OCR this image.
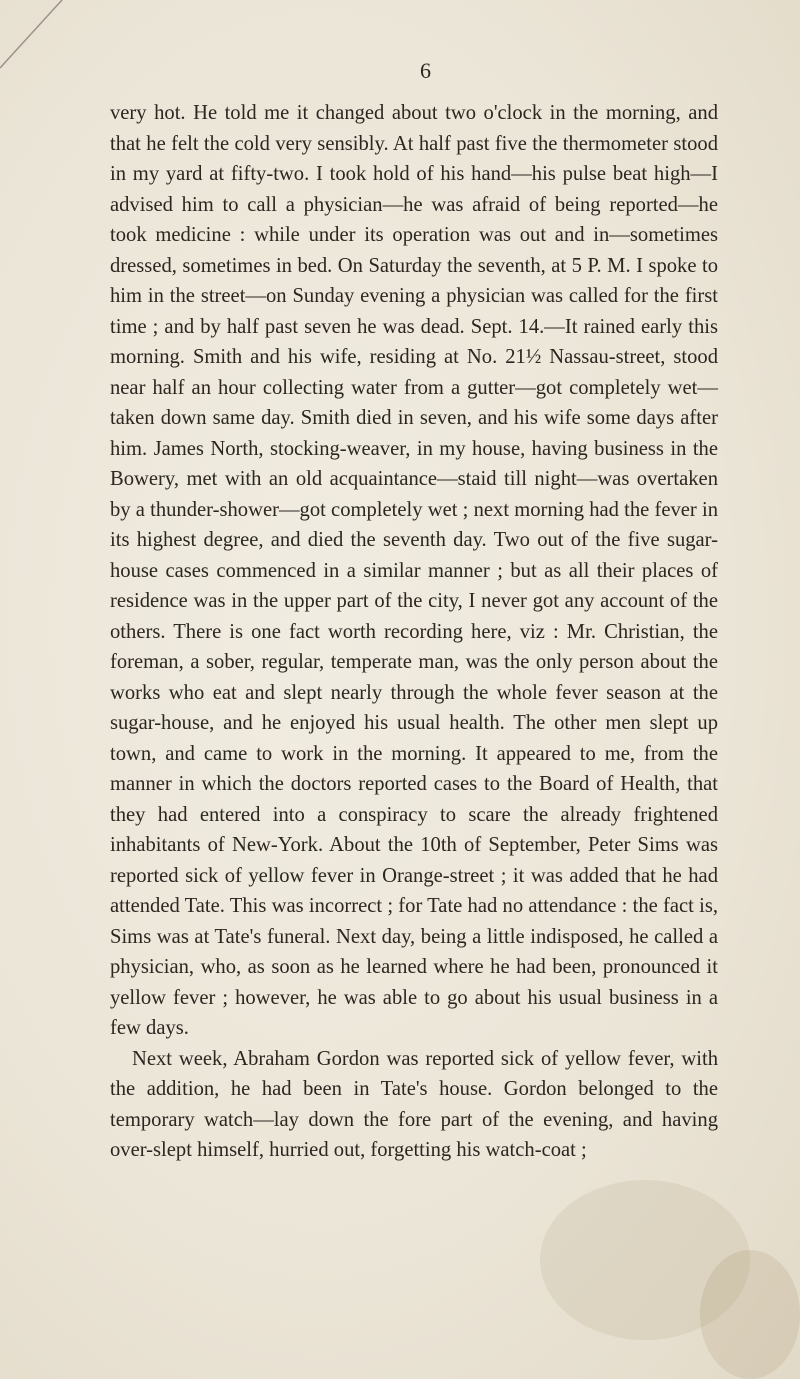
6

very hot. He told me it changed about two o'clock in the morning, and that he felt the cold very sensibly. At half past five the thermometer stood in my yard at fifty-two. I took hold of his hand—his pulse beat high—I advised him to call a physician—he was afraid of being reported—he took medicine : while under its operation was out and in—sometimes dressed, sometimes in bed. On Saturday the seventh, at 5 P. M. I spoke to him in the street—on Sunday evening a physician was called for the first time ; and by half past seven he was dead. Sept. 14.—It rained early this morning. Smith and his wife, residing at No. 21½ Nassau-street, stood near half an hour collecting water from a gutter—got completely wet—taken down same day. Smith died in seven, and his wife some days after him. James North, stocking-weaver, in my house, having business in the Bowery, met with an old acquaintance—staid till night—was overtaken by a thunder-shower—got completely wet ; next morning had the fever in its highest degree, and died the seventh day. Two out of the five sugar-house cases commenced in a similar manner ; but as all their places of residence was in the upper part of the city, I never got any account of the others. There is one fact worth recording here, viz : Mr. Christian, the foreman, a sober, regular, temperate man, was the only person about the works who eat and slept nearly through the whole fever season at the sugar-house, and he enjoyed his usual health. The other men slept up town, and came to work in the morning. It appeared to me, from the manner in which the doctors reported cases to the Board of Health, that they had entered into a conspiracy to scare the already frightened inhabitants of New-York. About the 10th of September, Peter Sims was reported sick of yellow fever in Orange-street ; it was added that he had attended Tate. This was incorrect ; for Tate had no attendance : the fact is, Sims was at Tate's funeral. Next day, being a little indisposed, he called a physician, who, as soon as he learned where he had been, pronounced it yellow fever ; however, he was able to go about his usual business in a few days.

Next week, Abraham Gordon was reported sick of yellow fever, with the addition, he had been in Tate's house. Gordon belonged to the temporary watch—lay down the fore part of the evening, and having over-slept himself, hurried out, forgetting his watch-coat ;
